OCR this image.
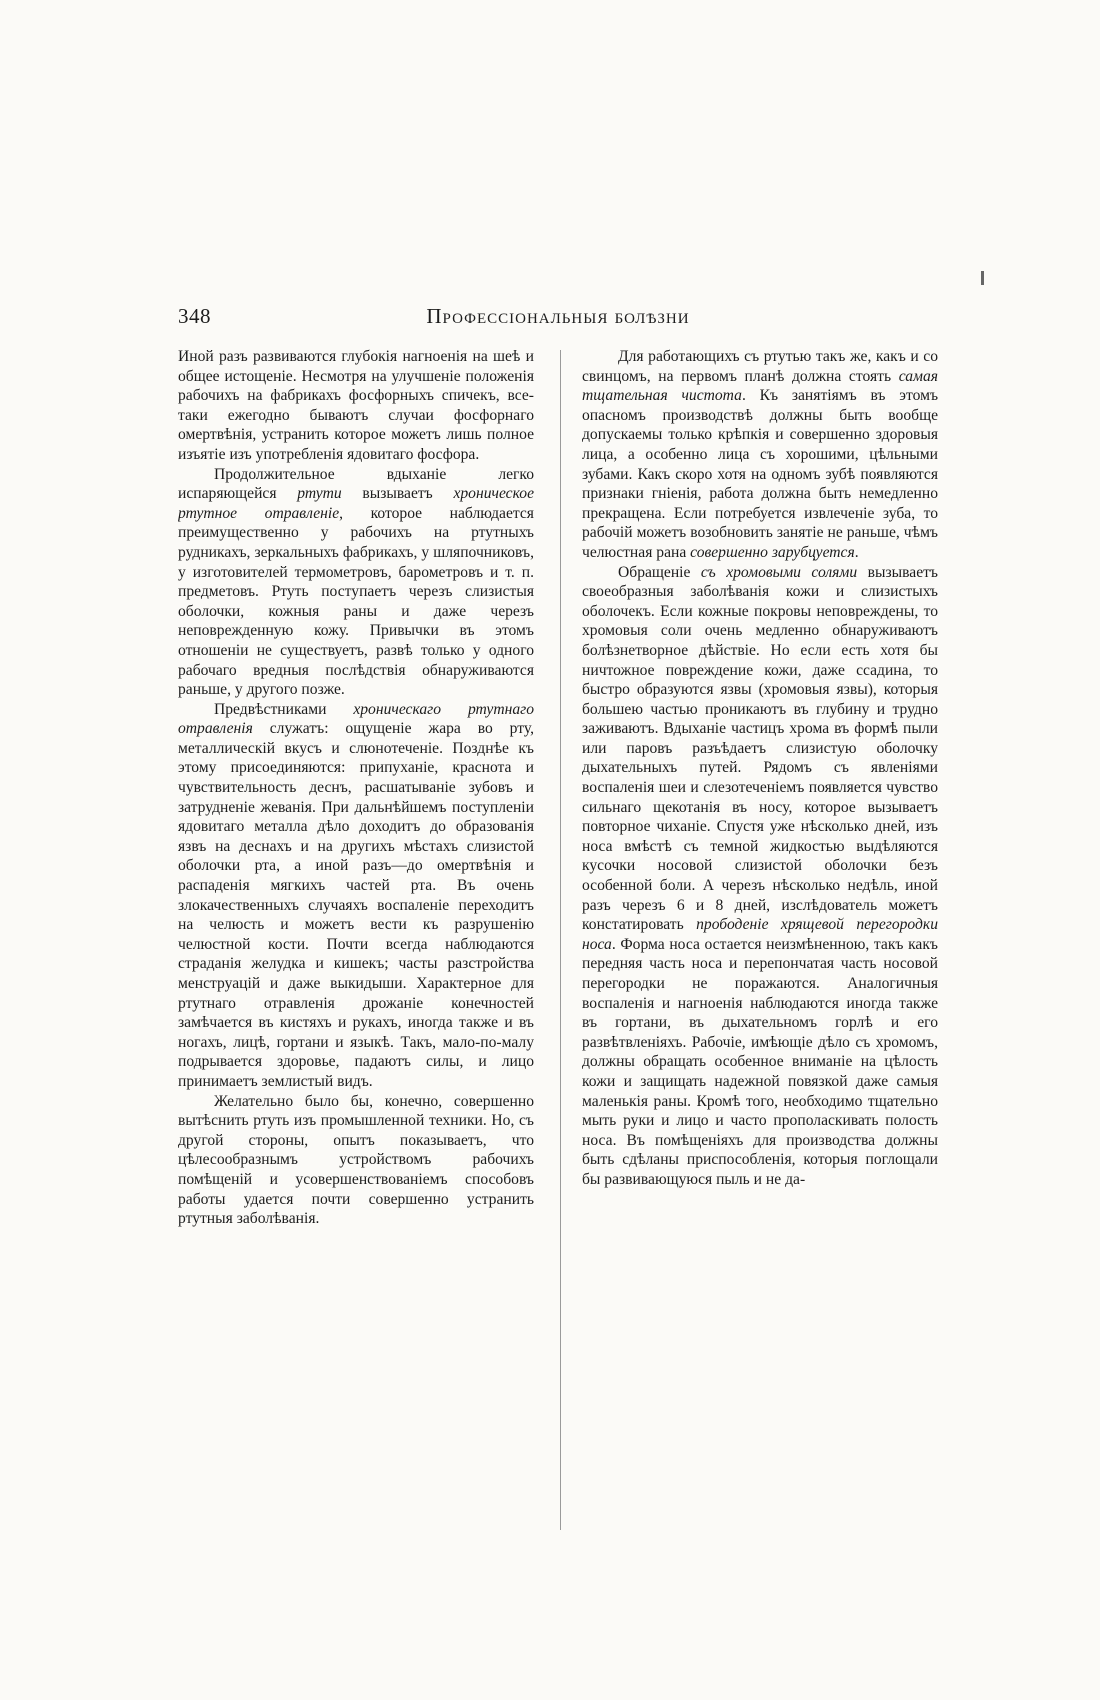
348	Профессіональныя болѣзни

Иной разъ развиваются глубокія нагноенія на шеѣ и общее истощеніе. Несмотря на улучшеніе положенія рабочихъ на фабрикахъ фосфорныхъ спичекъ, все-таки ежегодно бываютъ случаи фосфорнаго омертвѣнія, устранить которое можетъ лишь полное изъятіе изъ употребленія ядовитаго фосфора.

Продолжительное вдыханіе легко испаряющейся ртути вызываетъ хроническое ртутное отравленіе, которое наблюдается преимущественно у рабочихъ на ртутныхъ рудникахъ, зеркальныхъ фабрикахъ, у шляпочниковъ, у изготовителей термометровъ, барометровъ и т. п. предметовъ. Ртуть поступаетъ черезъ слизистыя оболочки, кожныя раны и даже черезъ неповрежденную кожу. Привычки въ этомъ отношеніи не существуетъ, развѣ только у одного рабочаго вредныя послѣдствія обнаруживаются раньше, у другого позже.

Предвѣстниками хроническаго ртутнаго отравленія служатъ: ощущеніе жара во рту, металлическій вкусъ и слюнотеченіе. Позднѣе къ этому присоединяются: припуханіе, краснота и чувствительность деснъ, расшатываніе зубовъ и затрудненіе жеванія. При дальнѣйшемъ поступленіи ядовитаго металла дѣло доходитъ до образованія язвъ на деснахъ и на другихъ мѣстахъ слизистой оболочки рта, а иной разъ—до омертвѣнія и распаденія мягкихъ частей рта. Въ очень злокачественныхъ случаяхъ воспаленіе переходитъ на челюсть и можетъ вести къ разрушенію челюстной кости. Почти всегда наблюдаются страданія желудка и кишекъ; часты разстройства менструацій и даже выкидыши. Характерное для ртутнаго отравленія дрожаніе конечностей замѣчается въ кистяхъ и рукахъ, иногда также и въ ногахъ, лицѣ, гортани и языкѣ. Такъ, мало-по-малу подрывается здоровье, падаютъ силы, и лицо принимаетъ землистый видъ.

Желательно было бы, конечно, совершенно вытѣснить ртуть изъ промышленной техники. Но, съ другой стороны, опытъ показываетъ, что цѣлесообразнымъ устройствомъ рабочихъ помѣщеній и усовершенствованіемъ способовъ работы удается почти совершенно устранить ртутныя заболѣванія.

Для работающихъ съ ртутью такъ же, какъ и со свинцомъ, на первомъ планѣ должна стоять самая тщательная чистота. Къ занятіямъ въ этомъ опасномъ производствѣ должны быть вообще допускаемы только крѣпкія и совершенно здоровыя лица, а особенно лица съ хорошими, цѣльными зубами. Какъ скоро хотя на одномъ зубѣ появляются признаки гніенія, работа должна быть немедленно прекращена. Если потребуется извлеченіе зуба, то рабочій можетъ возобновить занятіе не раньше, чѣмъ челюстная рана совершенно зарубцуется.

Обращеніе съ хромовыми солями вызываетъ своеобразныя заболѣванія кожи и слизистыхъ оболочекъ. Если кожные покровы неповреждены, то хромовыя соли очень медленно обнаруживаютъ болѣзнетворное дѣйствіе. Но если есть хотя бы ничтожное повреждение кожи, даже ссадина, то быстро образуются язвы (хромовыя язвы), которыя большею частью проникаютъ въ глубину и трудно заживаютъ. Вдыханіе частицъ хрома въ формѣ пыли или паровъ разъѣдаетъ слизистую оболочку дыхательныхъ путей. Рядомъ съ явленіями воспаленія шеи и слезотеченіемъ появляется чувство сильнаго щекотанія въ носу, которое вызываетъ повторное чиханіе. Спустя уже нѣсколько дней, изъ носа вмѣстѣ съ темной жидкостью выдѣляются кусочки носовой слизистой оболочки безъ особенной боли. А черезъ нѣсколько недѣль, иной разъ черезъ 6 и 8 дней, изслѣдователь можетъ констатировать прободеніе хрящевой перегородки носа. Форма носа остается неизмѣненною, такъ какъ передняя часть носа и перепончатая часть носовой перегородки не поражаются. Аналогичныя воспаленія и нагноенія наблюдаются иногда также въ гортани, въ дыхательномъ горлѣ и его развѣтвленіяхъ. Рабочіе, имѣющіе дѣло съ хромомъ, должны обращать особенное вниманіе на цѣлость кожи и защищать надежной повязкой даже самыя маленькія раны. Кромѣ того, необходимо тщательно мыть руки и лицо и часто прополаскивать полость носа. Въ помѣщеніяхъ для производства должны быть сдѣланы приспособленія, которыя поглощали бы развивающуюся пыль и не да-
